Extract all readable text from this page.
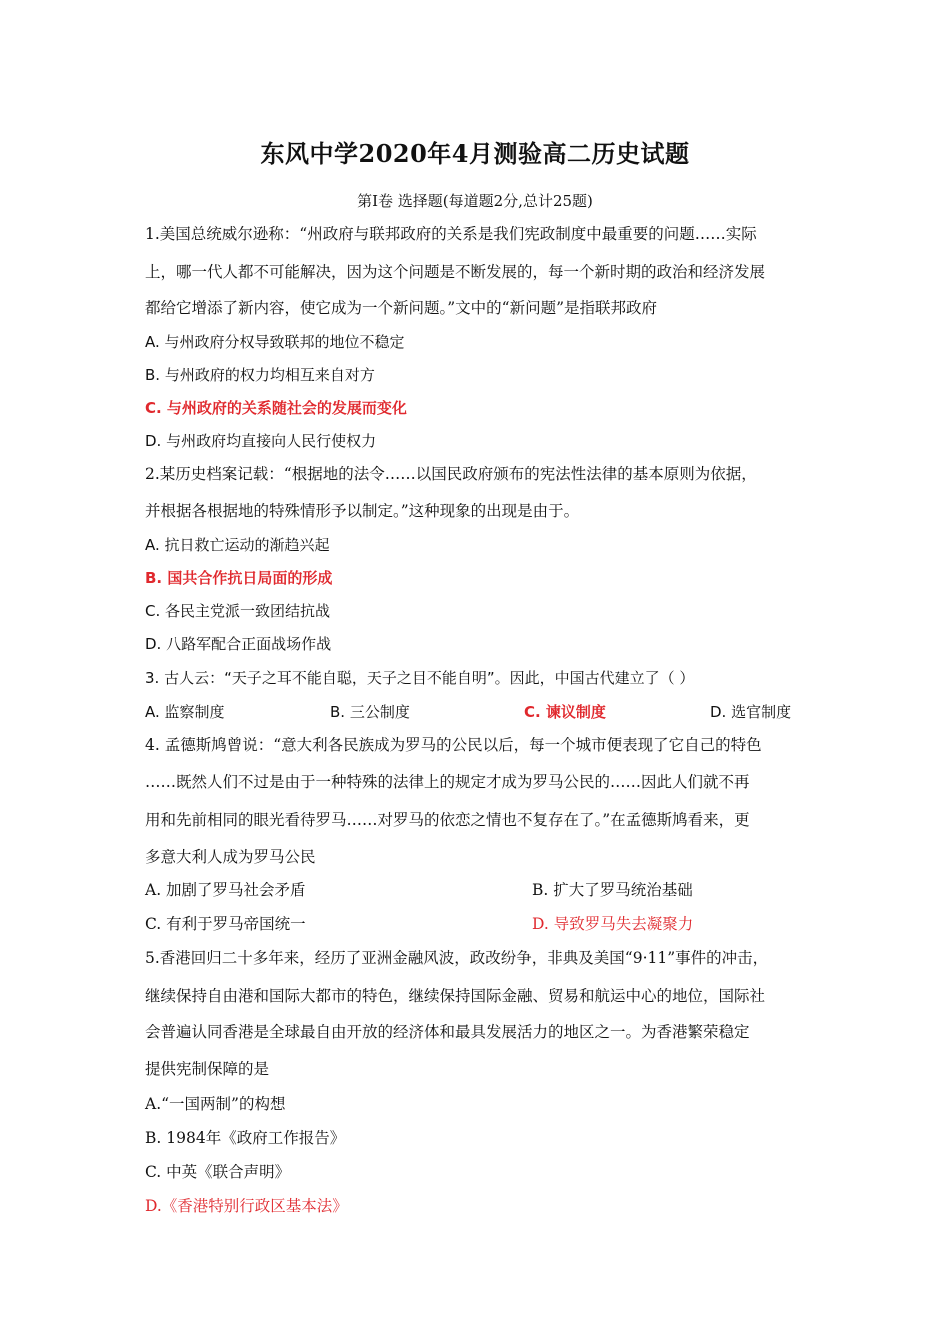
东风中学2020年4月测验高二历史试题
第Ⅰ卷 选择题(每道题2分,总计25题)
1.美国总统威尔逊称：“州政府与联邦政府的关系是我们宪政制度中最重要的问题……实际
上，哪一代人都不可能解决，因为这个问题是不断发展的，每一个新时期的政治和经济发展
都给它增添了新内容，使它成为一个新问题。”文中的“新问题”是指联邦政府
A. 与州政府分权导致联邦的地位不稳定
B. 与州政府的权力均相互来自对方
C. 与州政府的关系随社会的发展而变化
D. 与州政府均直接向人民行使权力
2.某历史档案记载：“根据地的法令……以国民政府颁布的宪法性法律的基本原则为依据，
并根据各根据地的特殊情形予以制定。”这种现象的出现是由于。
A. 抗日救亡运动的渐趋兴起
B. 国共合作抗日局面的形成
C. 各民主党派一致团结抗战
D. 八路军配合正面战场作战
3. 古人云：“天子之耳不能自聪，天子之目不能自明”。因此，中国古代建立了（ ）
A. 监察制度	B. 三公制度	C. 谏议制度	D. 选官制度
4. 孟德斯鸠曾说：“意大利各民族成为罗马的公民以后，每一个城市便表现了它自己的特色
……既然人们不过是由于一种特殊的法律上的规定才成为罗马公民的……因此人们就不再
用和先前相同的眼光看待罗马……对罗马的依恋之情也不复存在了。”在孟德斯鸠看来，更
多意大利人成为罗马公民
A. 加剧了罗马社会矛盾	B. 扩大了罗马统治基础
C. 有利于罗马帝国统一	D. 导致罗马失去凝聚力
5.香港回归二十多年来，经历了亚洲金融风波，政改纷争，非典及美国“9·11”事件的冲击，
继续保持自由港和国际大都市的特色，继续保持国际金融、贸易和航运中心的地位，国际社
会普遍认同香港是全球最自由开放的经济体和最具发展活力的地区之一。为香港繁荣稳定
提供宪制保障的是
A.“一国两制”的构想
B. 1984年《政府工作报告》
C. 中英《联合声明》
D.《香港特别行政区基本法》
